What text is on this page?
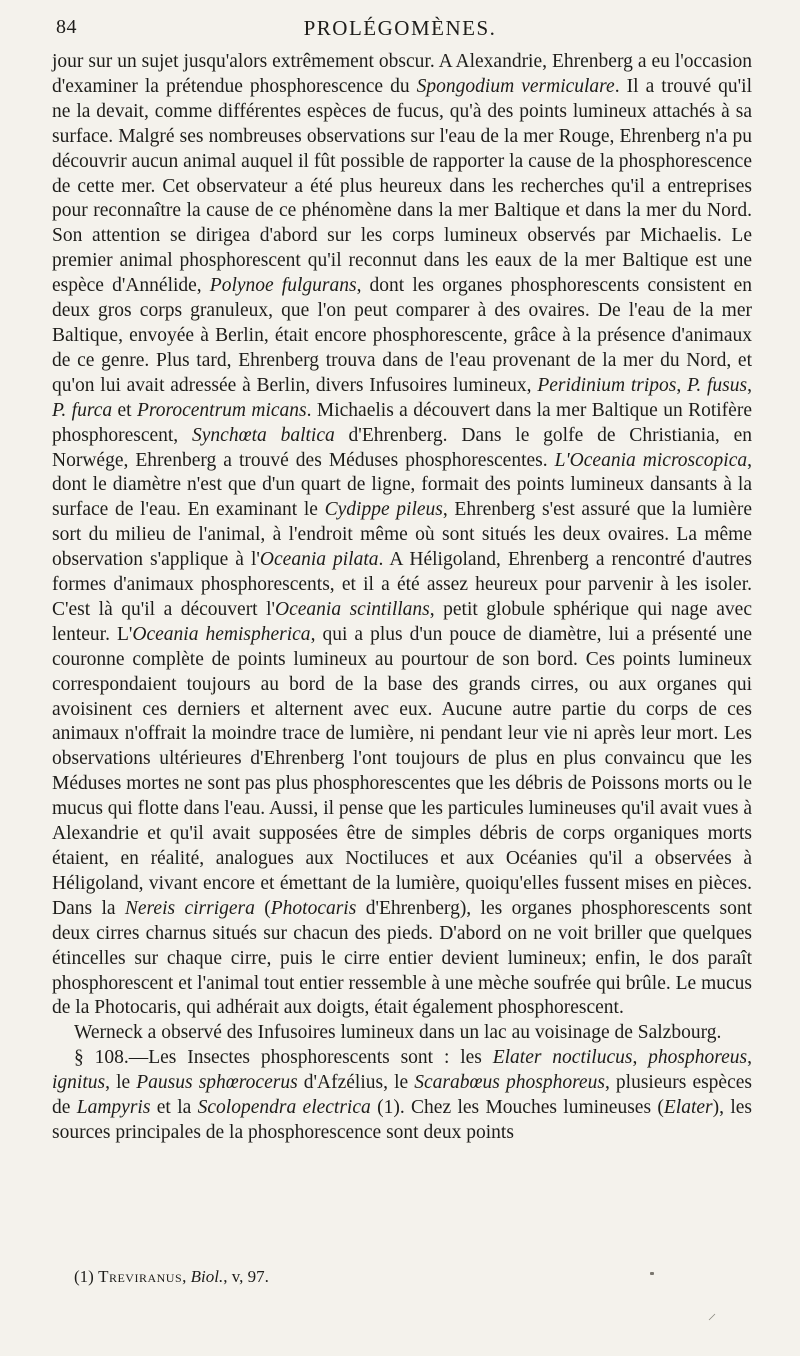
84	PROLÉGOMÈNES.

jour sur un sujet jusqu'alors extrêmement obscur. A Alexandrie, Ehrenberg a eu l'occasion d'examiner la prétendue phosphorescence du Spongodium vermiculare. Il a trouvé qu'il ne la devait, comme différentes espèces de fucus, qu'à des points lumineux attachés à sa surface. Malgré ses nombreuses observations sur l'eau de la mer Rouge, Ehrenberg n'a pu découvrir aucun animal auquel il fût possible de rapporter la cause de la phosphorescence de cette mer. Cet observateur a été plus heureux dans les recherches qu'il a entreprises pour reconnaître la cause de ce phénomène dans la mer Baltique et dans la mer du Nord. Son attention se dirigea d'abord sur les corps lumineux observés par Michaelis. Le premier animal phosphorescent qu'il reconnut dans les eaux de la mer Baltique est une espèce d'Annélide, Polynoe fulgurans, dont les organes phosphorescents consistent en deux gros corps granuleux, que l'on peut comparer à des ovaires. De l'eau de la mer Baltique, envoyée à Berlin, était encore phosphorescente, grâce à la présence d'animaux de ce genre. Plus tard, Ehrenberg trouva dans de l'eau provenant de la mer du Nord, et qu'on lui avait adressée à Berlin, divers Infusoires lumineux, Peridinium tripos, P. fusus, P. furca et Prorocentrum micans. Michaelis a découvert dans la mer Baltique un Rotifère phosphorescent, Synchœta baltica d'Ehrenberg. Dans le golfe de Christiania, en Norwége, Ehrenberg a trouvé des Méduses phosphorescentes. L'Oceania microscopica, dont le diamètre n'est que d'un quart de ligne, formait des points lumineux dansants à la surface de l'eau. En examinant le Cydippe pileus, Ehrenberg s'est assuré que la lumière sort du milieu de l'animal, à l'endroit même où sont situés les deux ovaires. La même observation s'applique à l'Oceania pilata. A Héligoland, Ehrenberg a rencontré d'autres formes d'animaux phosphorescents, et il a été assez heureux pour parvenir à les isoler. C'est là qu'il a découvert l'Oceania scintillans, petit globule sphérique qui nage avec lenteur. L'Oceania hemispherica, qui a plus d'un pouce de diamètre, lui a présenté une couronne complète de points lumineux au pourtour de son bord. Ces points lumineux correspondaient toujours au bord de la base des grands cirres, ou aux organes qui avoisinent ces derniers et alternent avec eux. Aucune autre partie du corps de ces animaux n'offrait la moindre trace de lumière, ni pendant leur vie ni après leur mort. Les observations ultérieures d'Ehrenberg l'ont toujours de plus en plus convaincu que les Méduses mortes ne sont pas plus phosphorescentes que les débris de Poissons morts ou le mucus qui flotte dans l'eau. Aussi, il pense que les particules lumineuses qu'il avait vues à Alexandrie et qu'il avait supposées être de simples débris de corps organiques morts étaient, en réalité, analogues aux Noctiluces et aux Océanies qu'il a observées à Héligoland, vivant encore et émettant de la lumière, quoiqu'elles fussent mises en pièces. Dans la Nereis cirrigera (Photocaris d'Ehrenberg), les organes phosphorescents sont deux cirres charnus situés sur chacun des pieds. D'abord on ne voit briller que quelques étincelles sur chaque cirre, puis le cirre entier devient lumineux; enfin, le dos paraît phosphorescent et l'animal tout entier ressemble à une mèche soufrée qui brûle. Le mucus de la Photocaris, qui adhérait aux doigts, était également phosphorescent.

Werneck a observé des Infusoires lumineux dans un lac au voisinage de Salzbourg.

§ 108.—Les Insectes phosphorescents sont : les Elater noctilucus, phosphoreus, ignitus, le Pausus sphœrocerus d'Afzélius, le Scarabœus phosphoreus, plusieurs espèces de Lampyris et la Scolopendra electrica (1). Chez les Mouches lumineuses (Elater), les sources principales de la phosphorescence sont deux points

(1) Treviranus, Biol., v, 97.
